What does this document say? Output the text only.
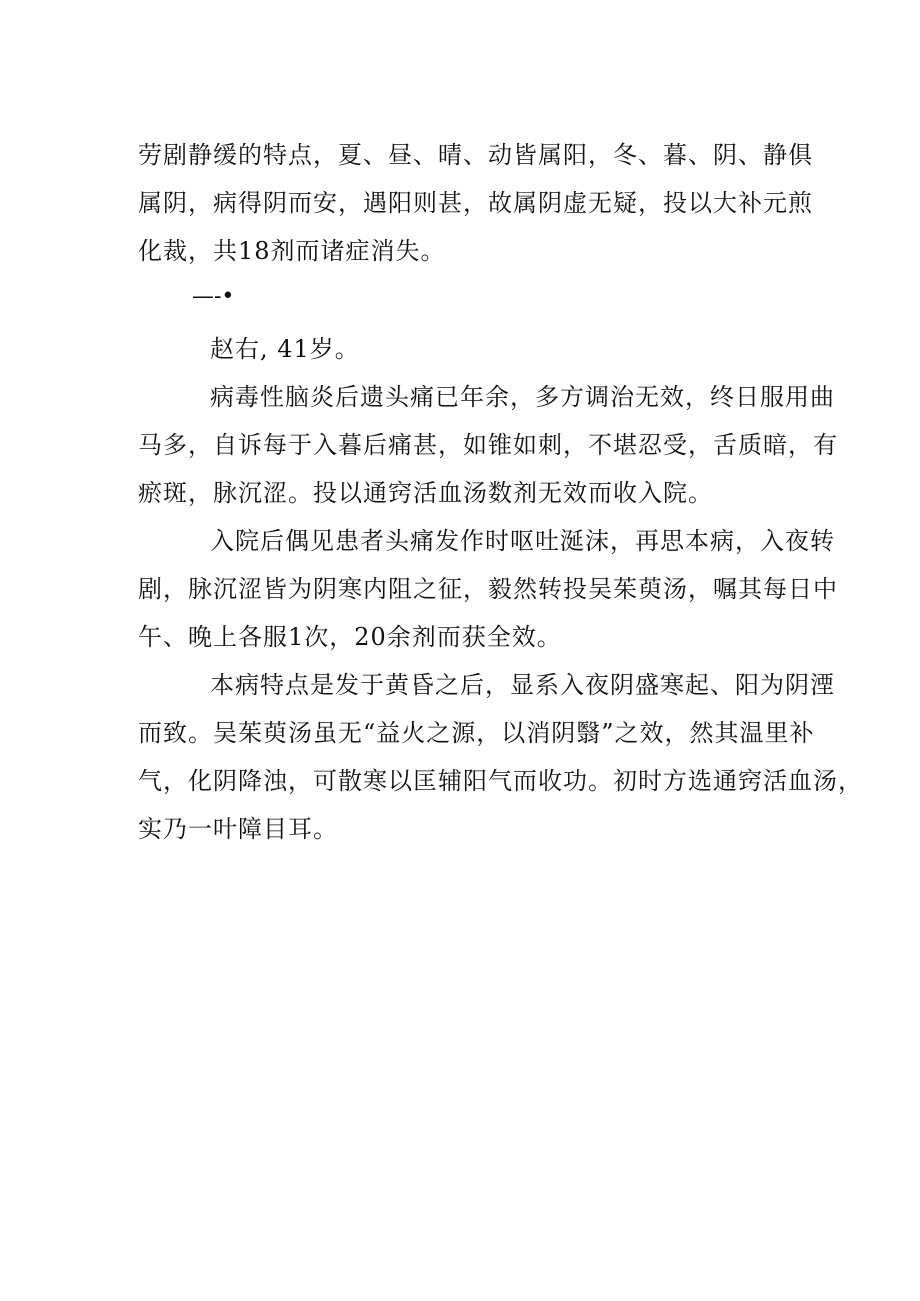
劳剧静缓的特点，夏、昼、晴、动皆属阳，冬、暮、阴、静俱
属阴，病得阴而安，遇阳则甚，故属阴虚无疑，投以大补元煎
化裁，共18剂而诸症消失。
—-•
赵右, 41岁。
病毒性脑炎后遗头痛已年余，多方调治无效，终日服用曲
马多，自诉每于入暮后痛甚，如锥如刺，不堪忍受，舌质暗，有
瘀斑，脉沉涩。投以通窍活血汤数剂无效而收入院。
入院后偶见患者头痛发作时呕吐涎沫，再思本病，入夜转
剧，脉沉涩皆为阴寒内阻之征，毅然转投吴茱萸汤，嘱其每日中
午、晚上各服1次，20余剂而获全效。
本病特点是发于黄昏之后，显系入夜阴盛寒起、阳为阴湮
而致。吴茱萸汤虽无“益火之源，以消阴翳”之效，然其温里补
气，化阴降浊，可散寒以匡辅阳气而收功。初时方选通窍活血汤，
实乃一叶障目耳。
